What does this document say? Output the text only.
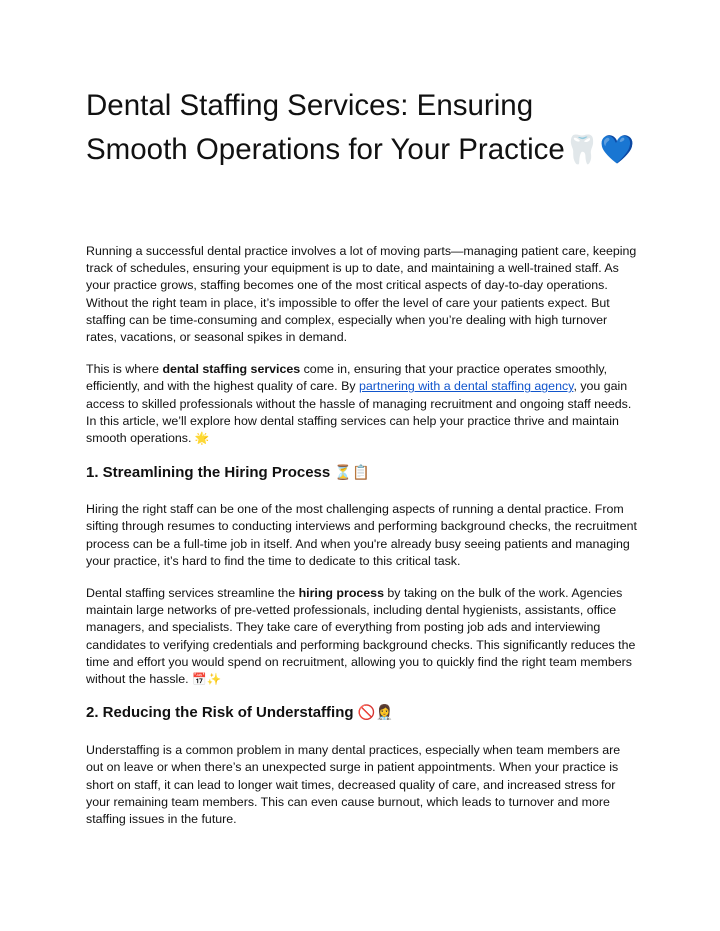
Dental Staffing Services: Ensuring Smooth Operations for Your Practice🦷💙

Running a successful dental practice involves a lot of moving parts—managing patient care, keeping track of schedules, ensuring your equipment is up to date, and maintaining a well-trained staff. As your practice grows, staffing becomes one of the most critical aspects of day-to-day operations. Without the right team in place, it’s impossible to offer the level of care your patients expect. But staffing can be time-consuming and complex, especially when you’re dealing with high turnover rates, vacations, or seasonal spikes in demand.

This is where dental staffing services come in, ensuring that your practice operates smoothly, efficiently, and with the highest quality of care. By partnering with a dental staffing agency, you gain access to skilled professionals without the hassle of managing recruitment and ongoing staff needs. In this article, we’ll explore how dental staffing services can help your practice thrive and maintain smooth operations. 🌟

1. Streamlining the Hiring Process ⏳📋

Hiring the right staff can be one of the most challenging aspects of running a dental practice. From sifting through resumes to conducting interviews and performing background checks, the recruitment process can be a full-time job in itself. And when you're already busy seeing patients and managing your practice, it’s hard to find the time to dedicate to this critical task.

Dental staffing services streamline the hiring process by taking on the bulk of the work. Agencies maintain large networks of pre-vetted professionals, including dental hygienists, assistants, office managers, and specialists. They take care of everything from posting job ads and interviewing candidates to verifying credentials and performing background checks. This significantly reduces the time and effort you would spend on recruitment, allowing you to quickly find the right team members without the hassle. 📅✨

2. Reducing the Risk of Understaffing 🚫👩‍⚕️

Understaffing is a common problem in many dental practices, especially when team members are out on leave or when there’s an unexpected surge in patient appointments. When your practice is short on staff, it can lead to longer wait times, decreased quality of care, and increased stress for your remaining team members. This can even cause burnout, which leads to turnover and more staffing issues in the future.
